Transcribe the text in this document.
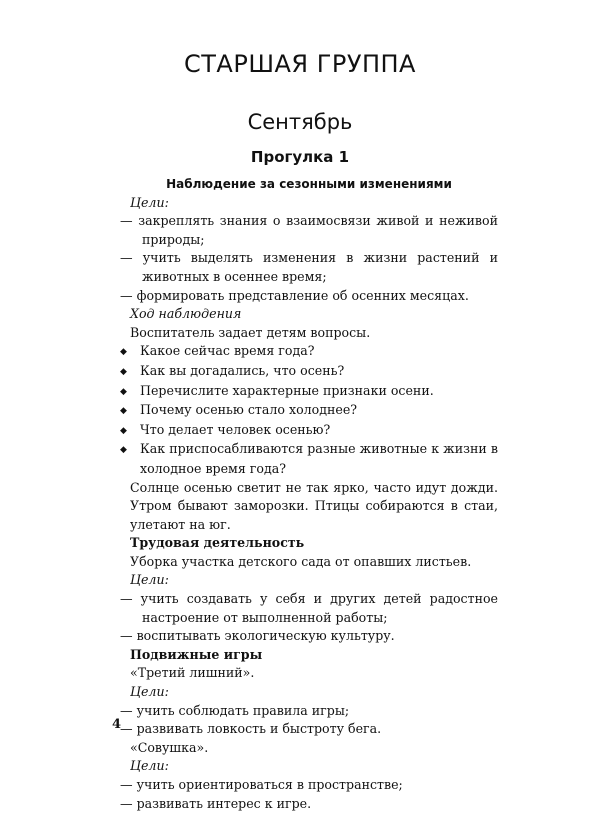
СТАРШАЯ ГРУППА
Сентябрь
Прогулка 1

Наблюдение за сезонными изменениями

Цели:

— закреплять знания о взаимосвязи живой и неживой природы;

— учить выделять изменения в жизни растений и животных в осеннее время;

— формировать представление об осенних месяцах.

Ход наблюдения

Воспитатель задает детям вопросы.

◆ Какое сейчас время года?

◆ Как вы догадались, что осень?

◆ Перечислите характерные признаки осени.

◆ Почему осенью стало холоднее?

◆ Что делает человек осенью?

◆ Как приспосабливаются разные животные к жизни в холодное время года?

Солнце осенью светит не так ярко, часто идут дожди. Утром бывают заморозки. Птицы собираются в стаи, улетают на юг.

Трудовая деятельность

Уборка участка детского сада от опавших листьев.

Цели:

— учить создавать у себя и других детей радостное настроение от выполненной работы;

— воспитывать экологическую культуру.

Подвижные игры

«Третий лишний».

Цели:

— учить соблюдать правила игры;

— развивать ловкость и быстроту бега.

«Совушка».

Цели:

— учить ориентироваться в пространстве;

— развивать интерес к игре.

4
